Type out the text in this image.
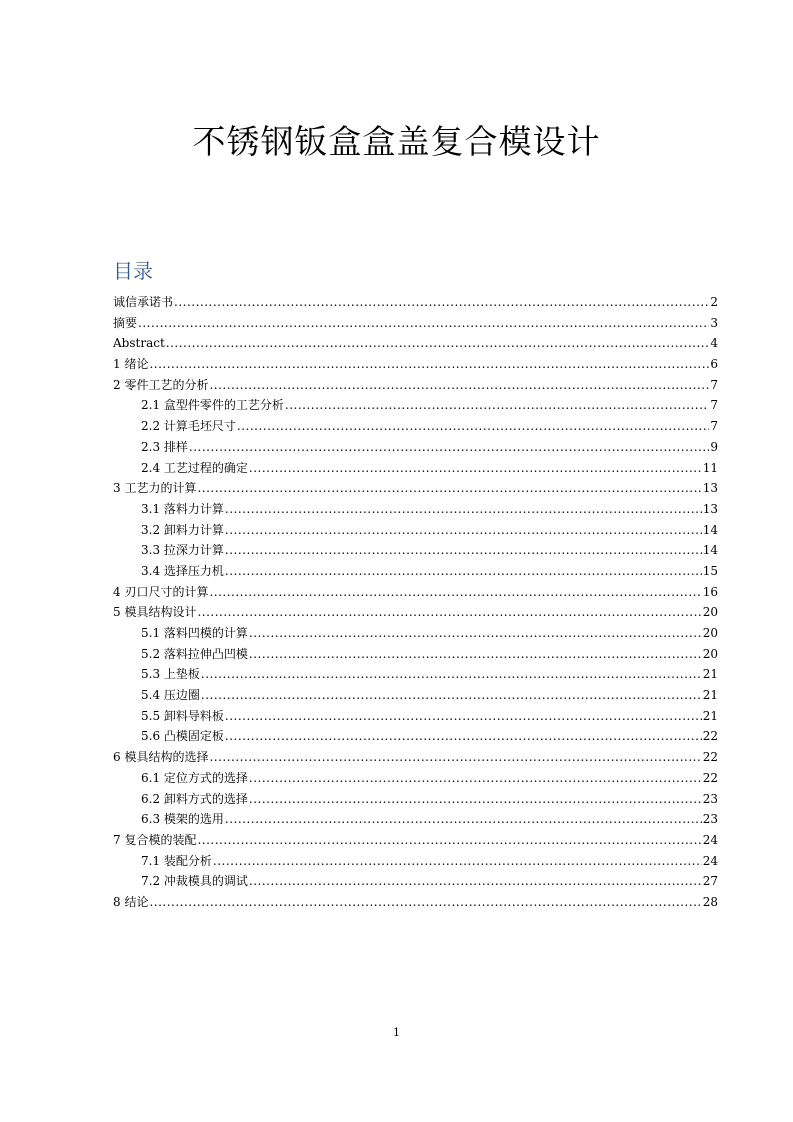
不锈钢钣盒盒盖复合模设计
目录
诚信承诺书 .....	2
摘要 .....	3
Abstract .....	4
1 绪论 .....	6
2 零件工艺的分析 .....	7
2.1 盒型件零件的工艺分析 .....	7
2.2 计算毛坯尺寸 .....	7
2.3 排样 .....	9
2.4 工艺过程的确定 .....	11
3 工艺力的计算 .....	13
3.1 落料力计算 .....	13
3.2 卸料力计算 .....	14
3.3 拉深力计算 .....	14
3.4 选择压力机 .....	15
4 刃口尺寸的计算 .....	16
5 模具结构设计 .....	20
5.1 落料凹模的计算 .....	20
5.2 落料拉伸凸凹模 .....	20
5.3 上垫板 .....	21
5.4 压边圈 .....	21
5.5 卸料导料板 .....	21
5.6 凸模固定板 .....	22
6 模具结构的选择 .....	22
6.1 定位方式的选择 .....	22
6.2 卸料方式的选择 .....	23
6.3 模架的选用 .....	23
7 复合模的装配 .....	24
7.1 装配分析 .....	24
7.2 冲裁模具的调试 .....	27
8 结论 .....	28
1
